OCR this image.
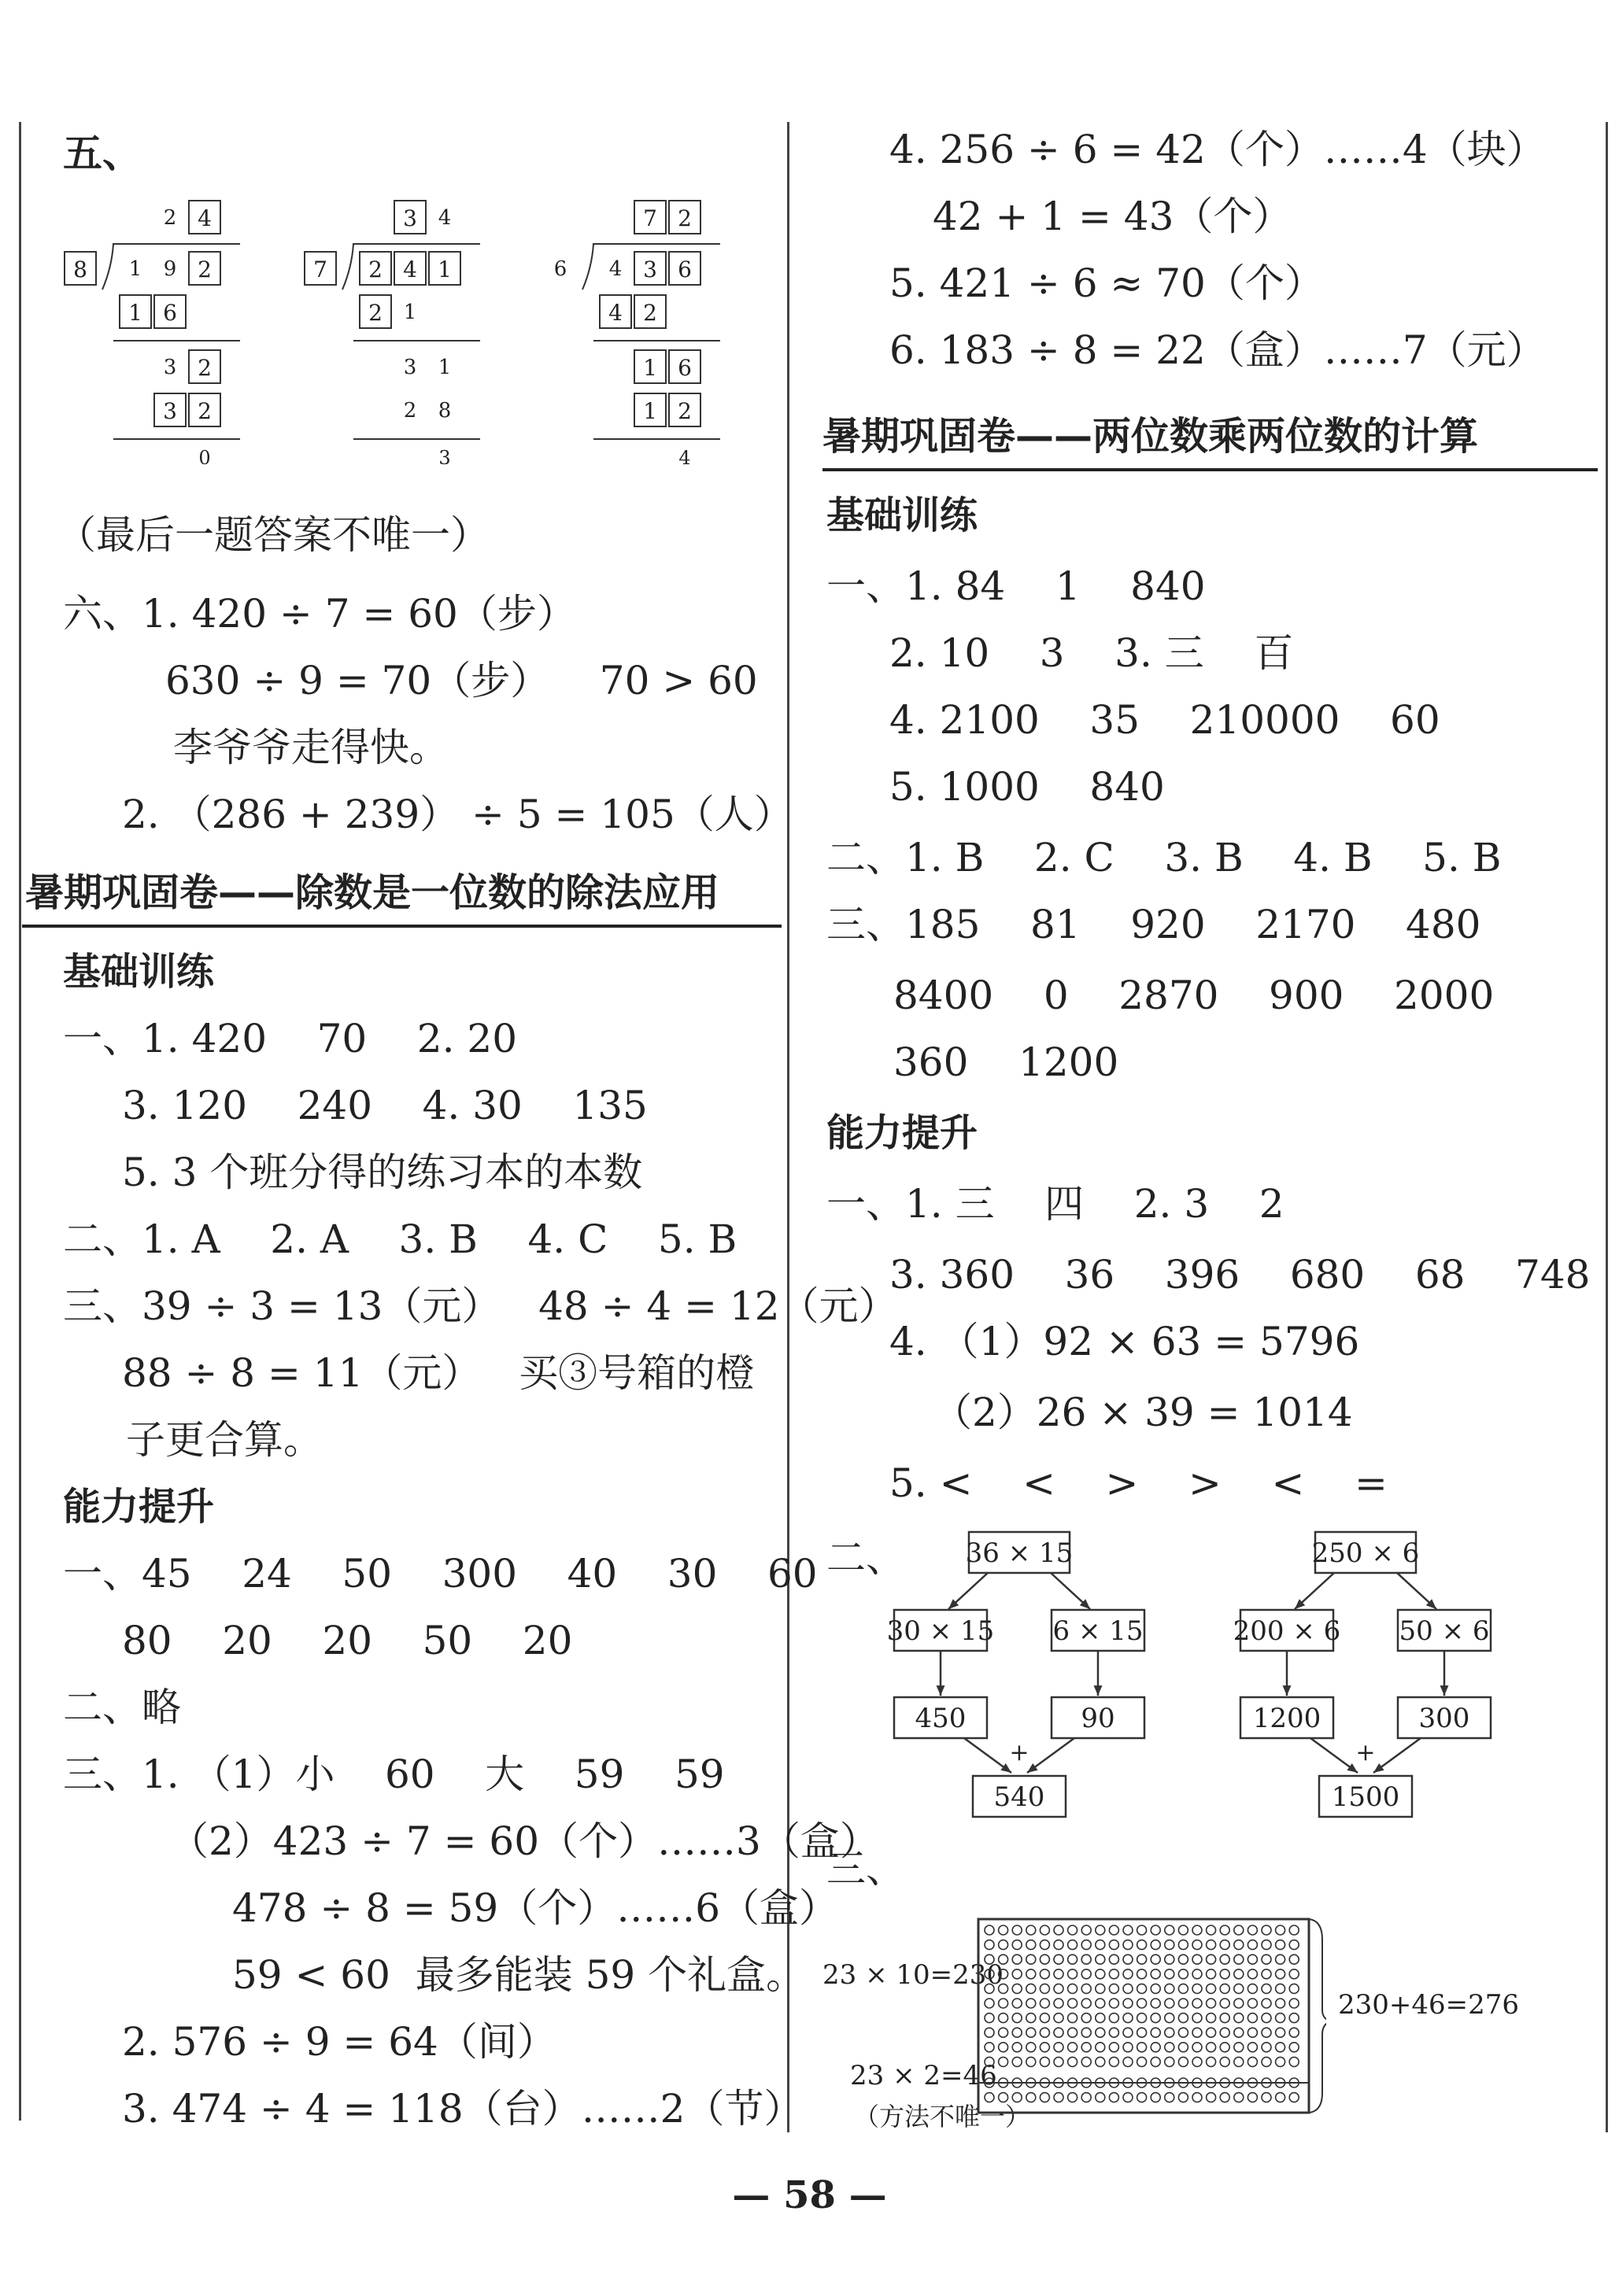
五、
2 4
8 1 9 2
1 6
3 2
3 2
0
3 4
7 2 4 1
2 1
3 1
2 8
3
7 2
6 4 3 6
4 2
1 6
1 2
4
（最后一题答案不唯一）
六、1. 420 ÷ 7 = 60（步）
630 ÷ 9 = 70（步）    70 > 60
李爷爷走得快。
2. （286 + 239） ÷ 5 = 105（人）
暑期巩固卷——除数是一位数的除法应用
基础训练
一、1. 420    70    2. 20
3. 120    240    4. 30    135
5. 3 个班分得的练习本的本数
二、1. A    2. A    3. B    4. C    5. B
三、39 ÷ 3 = 13（元）   48 ÷ 4 = 12（元）
88 ÷ 8 = 11（元）   买③号箱的橙
子更合算。
能力提升
一、45    24    50    300    40    30    60
80    20    20    50    20
二、略
三、1. （1）小    60    大    59    59
（2）423 ÷ 7 = 60（个）……3（盒）
478 ÷ 8 = 59（个）……6（盒）
59 < 60  最多能装 59 个礼盒。
2. 576 ÷ 9 = 64（间）
3. 474 ÷ 4 = 118（台）……2（节）
4. 256 ÷ 6 = 42（个）……4（块）
42 + 1 = 43（个）
5. 421 ÷ 6 ≈ 70（个）
6. 183 ÷ 8 = 22（盒）……7（元）
暑期巩固卷——两位数乘两位数的计算
基础训练
一、1. 84    1    840
2. 10    3    3. 三    百
4. 2100    35    210000    60
5. 1000    840
二、1. B    2. C    3. B    4. B    5. B
三、185    81    920    2170    480
8400    0    2870    900    2000
360    1200
能力提升
一、1. 三    四    2. 3    2
3. 360    36    396    680    68    748
4. （1）92 × 63 = 5796
（2）26 × 39 = 1014
5. <    <    >    >    <    =
二、 36 × 15
30 × 15 6 × 15
450	90
+
540
250 × 6
200 × 6 50 × 6
1200	300
+
1500
三、
23 × 10=230
23 × 2=46
230+46=276
（方法不唯一）
— 58 —
